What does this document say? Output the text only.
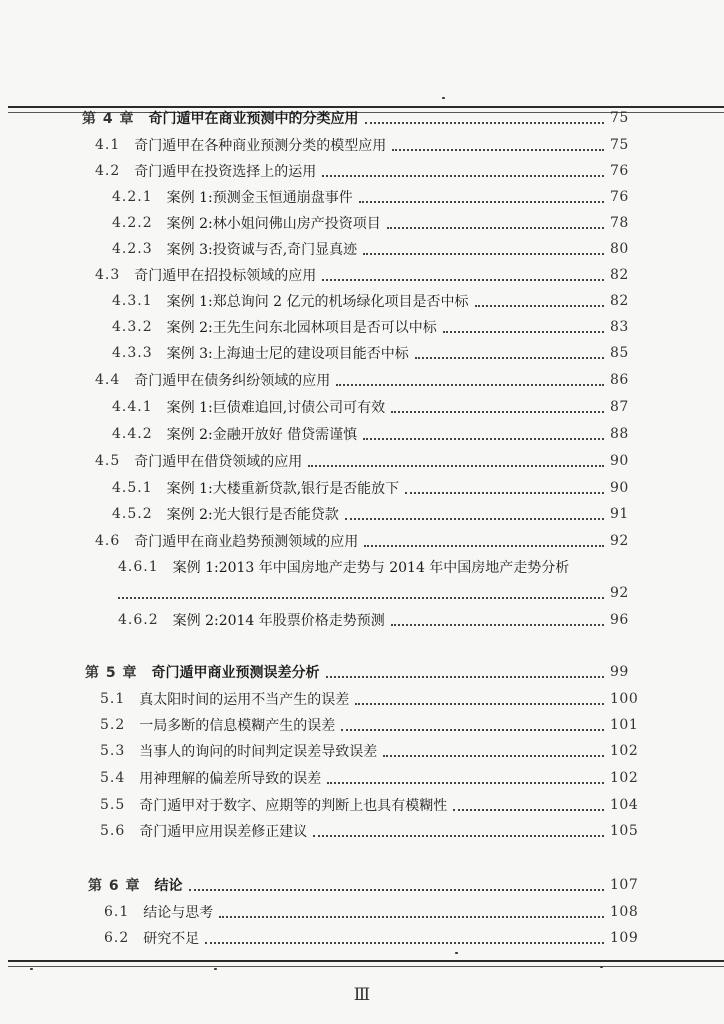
第 4 章 奇门遁甲在商业预测中的分类应用	75
4.1 奇门遁甲在各种商业预测分类的模型应用	75
4.2 奇门遁甲在投资选择上的运用	76
4.2.1 案例 1:预测金玉恒通崩盘事件	76
4.2.2 案例 2:林小姐问佛山房产投资项目	78
4.2.3 案例 3:投资诚与否,奇门显真迹	80
4.3 奇门遁甲在招投标领域的应用	82
4.3.1 案例 1:郑总询问 2 亿元的机场绿化项目是否中标	82
4.3.2 案例 2:王先生问东北园林项目是否可以中标	83
4.3.3 案例 3:上海迪士尼的建设项目能否中标	85
4.4 奇门遁甲在债务纠纷领域的应用	86
4.4.1 案例 1:巨债难追回,讨债公司可有效	87
4.4.2 案例 2:金融开放好 借贷需谨慎	88
4.5 奇门遁甲在借贷领域的应用	90
4.5.1 案例 1:大楼重新贷款,银行是否能放下	90
4.5.2 案例 2:光大银行是否能贷款	91
4.6 奇门遁甲在商业趋势预测领域的应用	92
4.6.1 案例 1:2013 年中国房地产走势与 2014 年中国房地产走势分析
92
4.6.2 案例 2:2014 年股票价格走势预测	96
第 5 章 奇门遁甲商业预测误差分析	99
5.1 真太阳时间的运用不当产生的误差	100
5.2 一局多断的信息模糊产生的误差	101
5.3 当事人的询问的时间判定误差导致误差	102
5.4 用神理解的偏差所导致的误差	102
5.5 奇门遁甲对于数字、应期等的判断上也具有模糊性	104
5.6 奇门遁甲应用误差修正建议	105
第 6 章 结论	107
6.1 结论与思考	108
6.2 研究不足	109
Ⅲ
